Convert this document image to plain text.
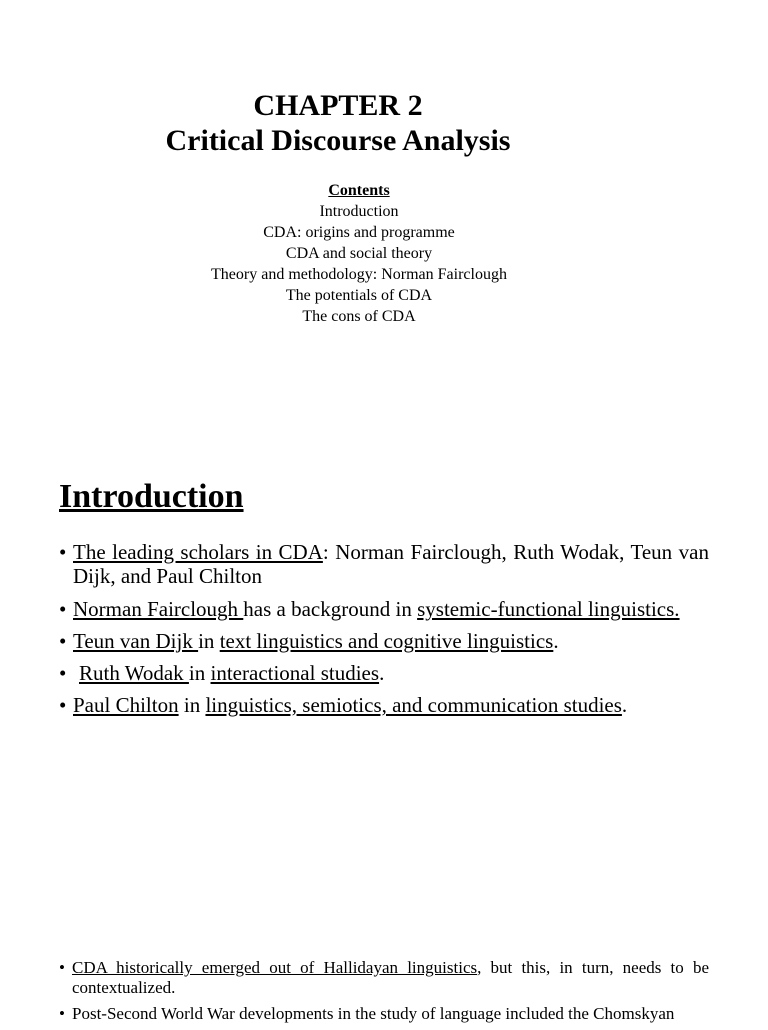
CHAPTER 2
Critical Discourse Analysis
Contents
Introduction
CDA: origins and programme
CDA and social theory
Theory and methodology: Norman Fairclough
The potentials of CDA
The cons of CDA
Introduction
• The leading scholars in CDA: Norman Fairclough, Ruth Wodak, Teun van Dijk, and Paul Chilton
• Norman Fairclough has a background in systemic-functional linguistics.
• Teun van Dijk in text linguistics and cognitive linguistics.
• Ruth Wodak in interactional studies.
• Paul Chilton in linguistics, semiotics, and communication studies.
• CDA historically emerged out of Hallidayan linguistics, but this, in turn, needs to be contextualized.
• Post-Second World War developments in the study of language included the Chomskyan
